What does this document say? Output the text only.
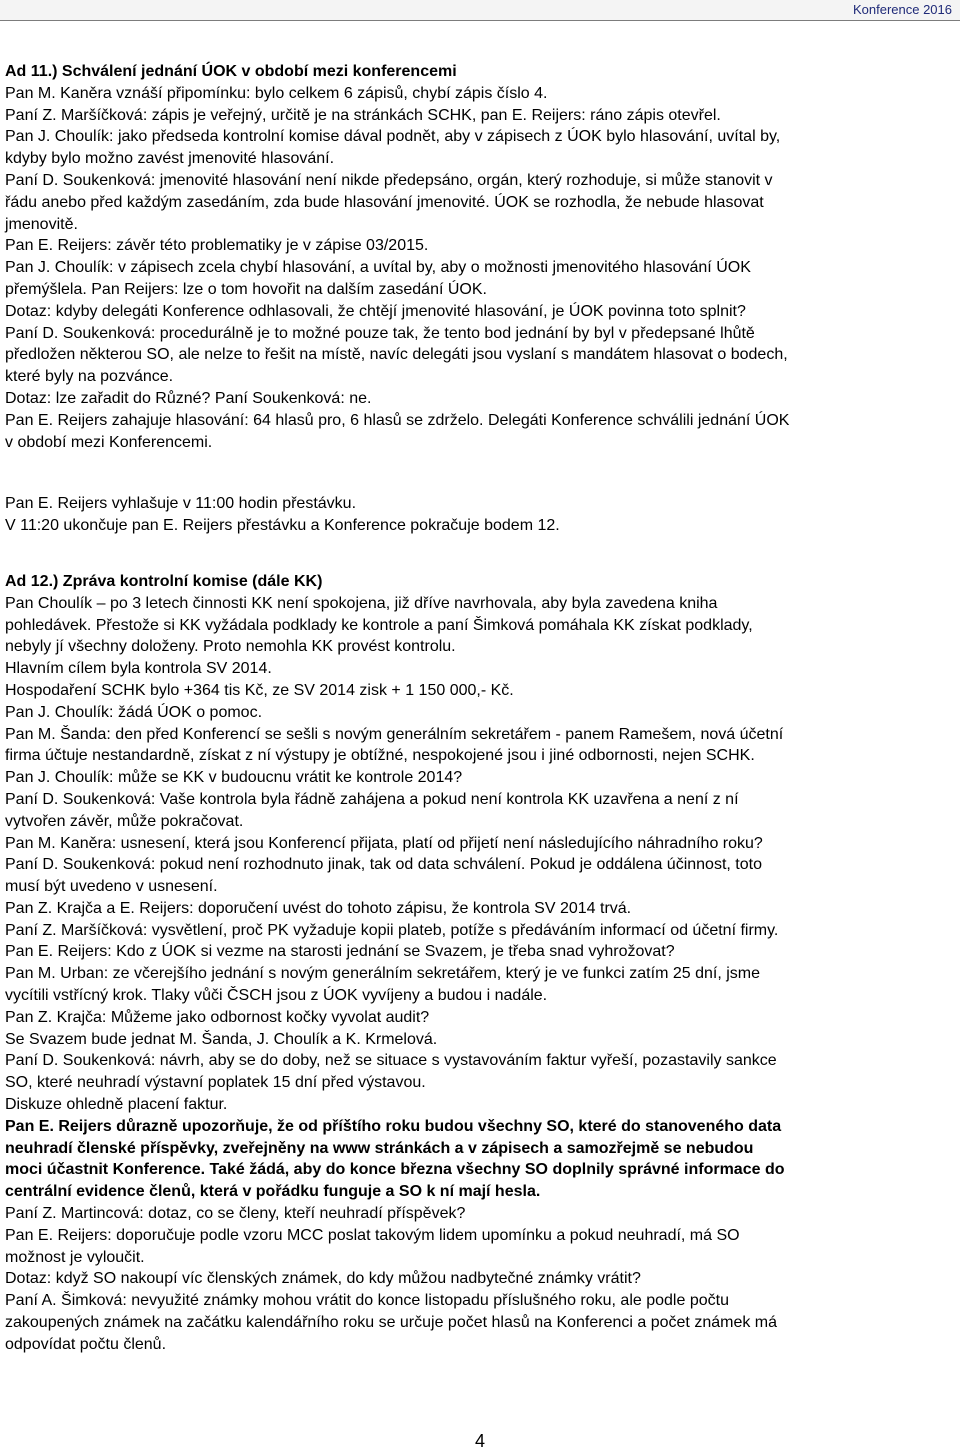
Konference 2016
Ad 11.) Schválení jednání ÚOK v období mezi konferencemi
Pan M. Kaněra vznáší připomínku: bylo celkem 6 zápisů, chybí zápis číslo 4.
Paní Z. Maršíčková: zápis je veřejný, určitě je na stránkách SCHK, pan E. Reijers: ráno zápis otevřel.
Pan J. Choulík: jako předseda kontrolní komise dával podnět, aby v zápisech z ÚOK bylo hlasování, uvítal by,
kdyby bylo možno zavést jmenovité hlasování.
Paní D. Soukenková: jmenovité hlasování není nikde předepsáno, orgán, který rozhoduje, si může stanovit v
řádu anebo před každým zasedáním, zda bude hlasování jmenovité. ÚOK se rozhodla, že nebude hlasovat
jmenovitě.
Pan E. Reijers: závěr této problematiky je v zápise 03/2015.
Pan J. Choulík: v zápisech zcela chybí hlasování, a uvítal by, aby o možnosti jmenovitého hlasování ÚOK
přemýšlela. Pan Reijers: lze o tom hovořit na dalším zasedání ÚOK.
Dotaz: kdyby delegáti Konference odhlasovali, že chtějí jmenovité hlasování, je ÚOK povinna toto splnit?
Paní D. Soukenková: procedurálně je to možné pouze tak, že tento bod jednání by byl v předepsané lhůtě
předložen některou SO, ale nelze to řešit na místě, navíc delegáti jsou vyslaní s mandátem hlasovat o bodech,
které byly na pozvánce.
Dotaz: lze zařadit do Různé? Paní Soukenková: ne.
Pan E. Reijers zahajuje hlasování: 64 hlasů pro, 6 hlasů se zdrželo. Delegáti Konference schválili jednání ÚOK
v období mezi Konferencemi.
Pan E. Reijers vyhlašuje v 11:00 hodin přestávku.
V 11:20 ukončuje pan E. Reijers přestávku a Konference pokračuje bodem 12.
Ad 12.) Zpráva kontrolní komise (dále KK)
Pan Choulík – po 3 letech činnosti KK není spokojena, již dříve navrhovala, aby byla zavedena kniha
pohledávek. Přestože si KK vyžádala podklady ke kontrole a paní Šimková pomáhala KK získat podklady,
nebyly jí všechny doloženy. Proto nemohla KK provést kontrolu.
Hlavním cílem byla kontrola SV 2014.
Hospodaření SCHK bylo +364 tis Kč, ze SV 2014 zisk + 1 150 000,- Kč.
Pan J. Choulík: žádá ÚOK o pomoc.
Pan M. Šanda: den před Konferencí se sešli s novým generálním sekretářem - panem Ramešem, nová účetní
firma účtuje nestandardně, získat z ní výstupy je obtížné, nespokojené jsou i jiné odbornosti, nejen SCHK.
Pan J. Choulík: může se KK v budoucnu vrátit ke kontrole 2014?
Paní D. Soukenková: Vaše kontrola byla řádně zahájena a pokud není kontrola KK uzavřena a není z ní
vytvořen závěr, může pokračovat.
Pan M. Kaněra: usnesení, která jsou Konferencí přijata, platí od přijetí není následujícího náhradního roku?
Paní D. Soukenková: pokud není rozhodnuto jinak, tak od data schválení. Pokud je oddálena účinnost, toto
musí být uvedeno v usnesení.
Pan Z. Krajča a E. Reijers: doporučení uvést do tohoto zápisu, že kontrola SV 2014 trvá.
Paní Z. Maršíčková: vysvětlení, proč PK vyžaduje kopii plateb, potíže s předáváním informací od účetní firmy.
Pan E. Reijers: Kdo z ÚOK si vezme na starosti jednání se Svazem, je třeba snad vyhrožovat?
Pan M. Urban: ze včerejšího jednání s novým generálním sekretářem, který je ve funkci zatím 25 dní, jsme
vycítili vstřícný krok. Tlaky vůči ČSCH jsou z ÚOK vyvíjeny a budou i nadále.
Pan Z. Krajča: Můžeme jako odbornost kočky vyvolat audit?
Se Svazem bude jednat M. Šanda, J. Choulík a K. Krmelová.
Paní D. Soukenková: návrh, aby se do doby, než se situace s vystavováním faktur vyřeší, pozastavily sankce
SO, které neuhradí výstavní poplatek 15 dní před výstavou.
Diskuze ohledně placení faktur.
Pan E. Reijers důrazně upozorňuje, že od příštího roku budou všechny SO, které do stanoveného data
neuhradí členské příspěvky, zveřejněny na www stránkách a v zápisech a samozřejmě se nebudou
moci účastnit Konference. Také žádá, aby do konce března všechny SO doplnily správné informace do
centrální evidence členů, která v pořádku funguje a SO k ní mají hesla.
Paní Z. Martincová: dotaz, co se členy, kteří neuhradí příspěvek?
Pan E. Reijers: doporučuje podle vzoru MCC poslat takovým lidem upomínku a pokud neuhradí, má SO
možnost je vyloučit.
Dotaz: když SO nakoupí víc členských známek, do kdy můžou nadbytečné známky vrátit?
Paní A. Šimková: nevyužité známky mohou vrátit do konce listopadu příslušného roku, ale podle počtu
zakoupených známek na začátku kalendářního roku se určuje počet hlasů na Konferenci a počet známek má
odpovídat počtu členů.
4
